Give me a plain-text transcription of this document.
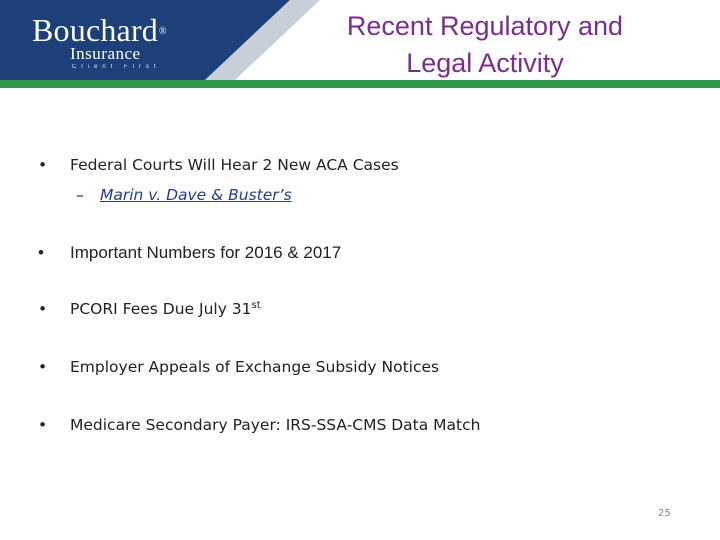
Bouchard®
Insurance
Client First
Recent Regulatory and
Legal Activity
•	Federal Courts Will Hear 2 New ACA Cases
– Marin v. Dave & Buster’s
•	Important Numbers for 2016 & 2017
•	PCORI Fees Due July 31st
•	Employer Appeals of Exchange Subsidy Notices
•	Medicare Secondary Payer: IRS-SSA-CMS Data Match
25
